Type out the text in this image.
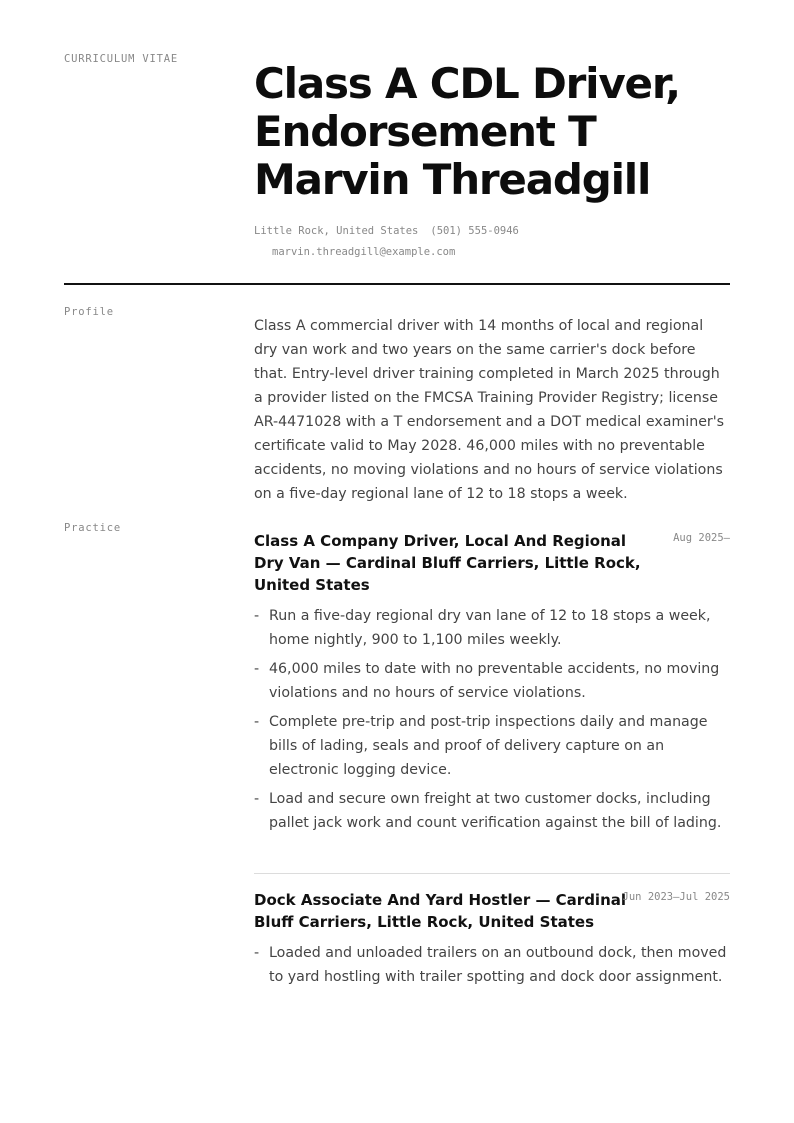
CURRICULUM VITAE Class A CDL Driver,
Endorsement T
Marvin Threadgill
Little Rock, United States (501) 555-0946
marvin.threadgill@example.com
Profile

Class A commercial driver with 14 months of local and regional dry van work and two years on the same carrier's dock before that. Entry-level driver training completed in March 2025 through a provider listed on the FMCSA Training Provider Registry; license AR-4471028 with a T endorsement and a DOT medical examiner's certificate valid to May 2028. 46,000 miles with no preventable accidents, no moving violations and no hours of service violations on a five-day regional lane of 12 to 18 stops a week.

Practice
Class A Company Driver, Local And Regional Dry Van — Cardinal Bluff Carriers, Little Rock, United States
Aug 2025–
- Run a five-day regional dry van lane of 12 to 18 stops a week, home nightly, 900 to 1,100 miles weekly.
- 46,000 miles to date with no preventable accidents, no moving violations and no hours of service violations.
- Complete pre-trip and post-trip inspections daily and manage bills of lading, seals and proof of delivery capture on an electronic logging device.
- Load and secure own freight at two customer docks, including pallet jack work and count verification against the bill of lading.
Dock Associate And Yard Hostler — Cardinal Bluff Carriers, Little Rock, United States
Jun 2023–Jul 2025
- Loaded and unloaded trailers on an outbound dock, then moved to yard hostling with trailer spotting and dock door assignment.
